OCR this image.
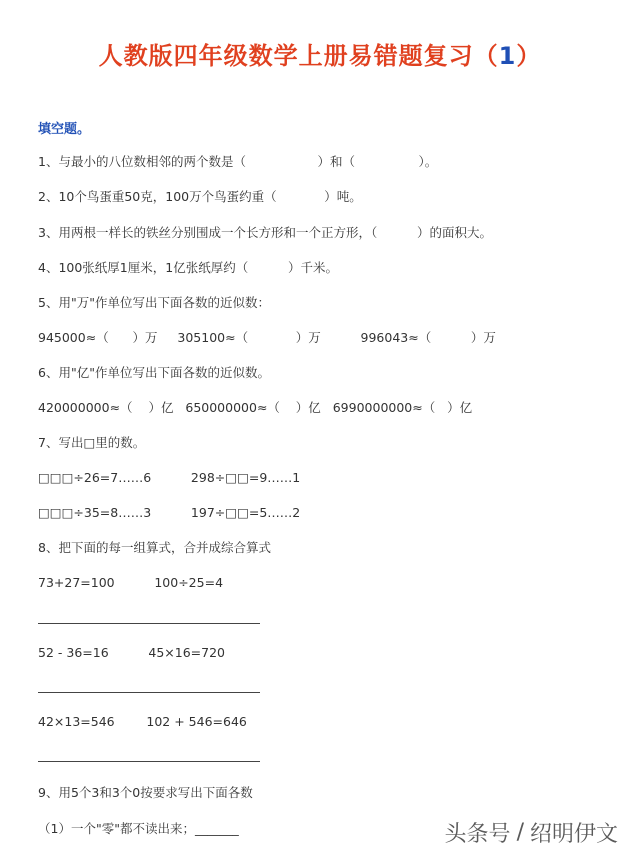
人教版四年级数学上册易错题复习（1）
填空题。
1、与最小的八位数相邻的两个数是（                  ）和（                ）。
2、10个鸟蛋重50克，100万个鸟蛋约重（            ）吨。
3、用两根一样长的铁丝分别围成一个长方形和一个正方形，（          ）的面积大。
4、100张纸厚1厘米，1亿张纸厚约（          ）千米。
5、用"万"作单位写出下面各数的近似数：
945000≈（      ）万     305100≈（            ）万          996043≈（          ）万
6、用"亿"作单位写出下面各数的近似数。
420000000≈（    ）亿   650000000≈（    ）亿   6990000000≈（   ）亿
7、写出□里的数。
□□□÷26=7……6          298÷□□=9……1
□□□÷35=8……3          197÷□□=5……2
8、把下面的每一组算式，合并成综合算式
73+27=100          100÷25=4
52 - 36=16          45×16=720
42×13=546        102 + 546=646
9、用5个3和3个0按要求写出下面各数
（1）一个"零"都不读出来；_______	头条号 / 绍明伊文
